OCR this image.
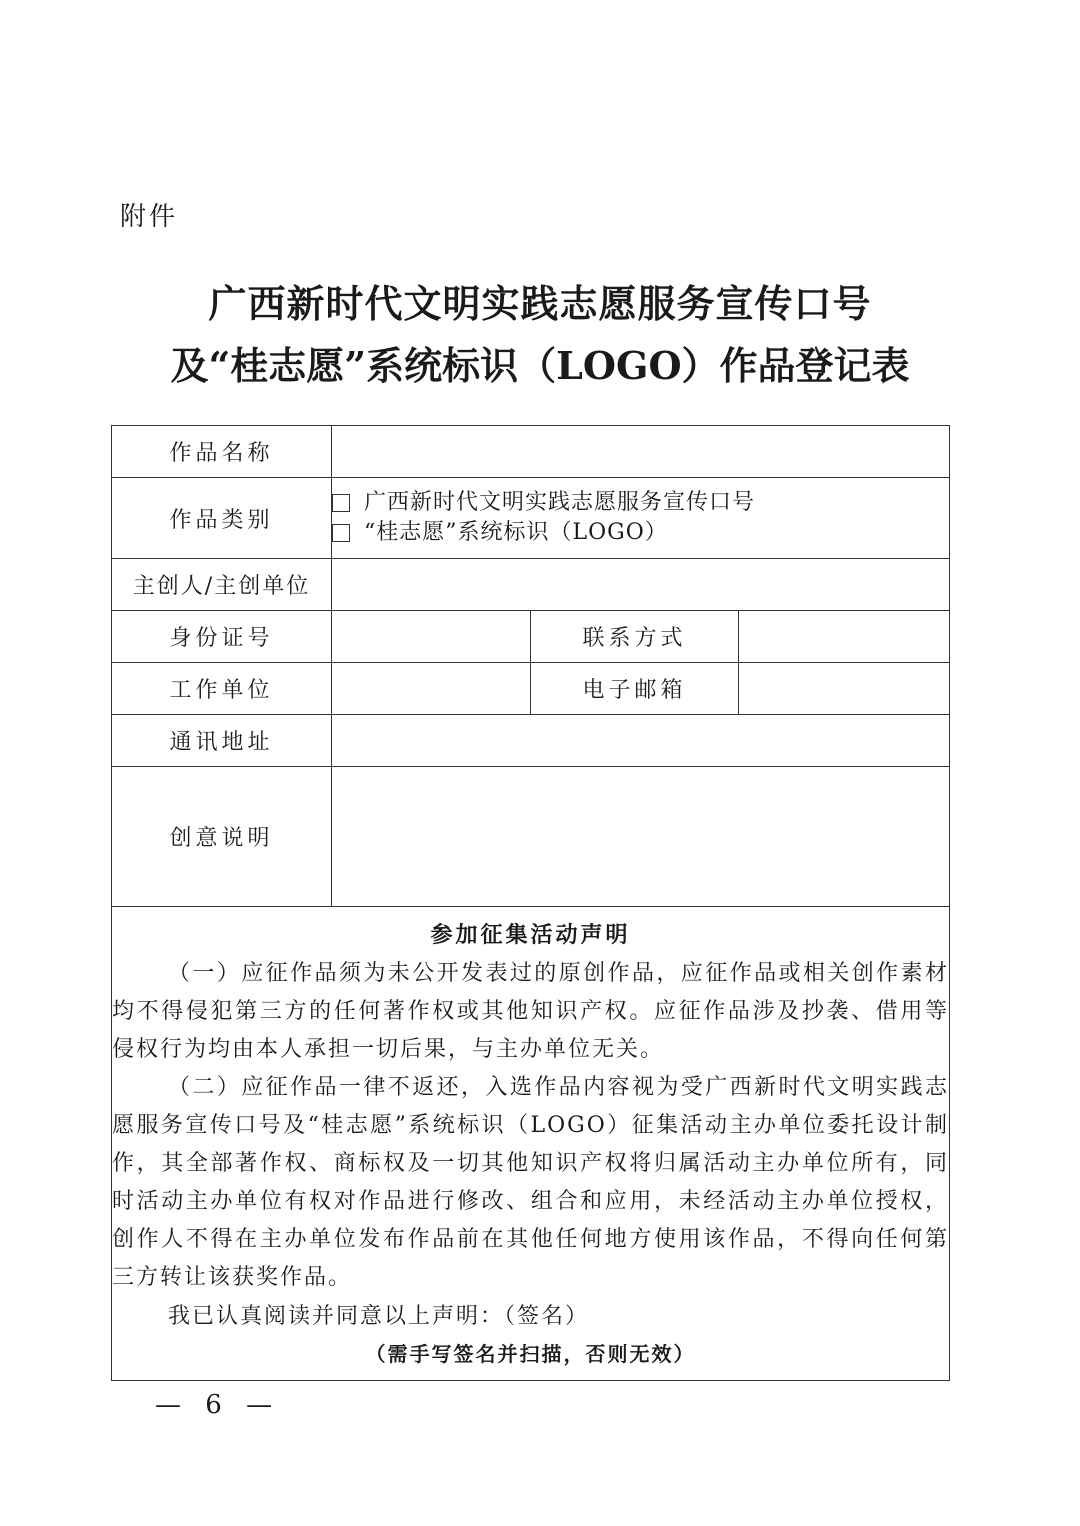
附件
广西新时代文明实践志愿服务宣传口号
及“桂志愿”系统标识（LOGO）作品登记表
作品名称			
作品类别	广西新时代文明实践志愿服务宣传口号
“桂志愿”系统标识（LOGO）		

主创人/主创单位			
身份证号		联系方式	
工作单位		电子邮箱	
通讯地址			
创意说明			

参加征集活动声明
（一）应征作品须为未公开发表过的原创作品，应征作品或相关创作素材均不得侵犯第三方的任何著作权或其他知识产权。应征作品涉及抄袭、借用等侵权行为均由本人承担一切后果，与主办单位无关。
（二）应征作品一律不返还，入选作品内容视为受广西新时代文明实践志愿服务宣传口号及“桂志愿”系统标识（LOGO）征集活动主办单位委托设计制作，其全部著作权、商标权及一切其他知识产权将归属活动主办单位所有，同时活动主办单位有权对作品进行修改、组合和应用，未经活动主办单位授权，创作人不得在主办单位发布作品前在其他任何地方使用该作品，不得向任何第三方转让该获奖作品。
我已认真阅读并同意以上声明：（签名）
（需手写签名并扫描，否则无效）			
— 6 —
